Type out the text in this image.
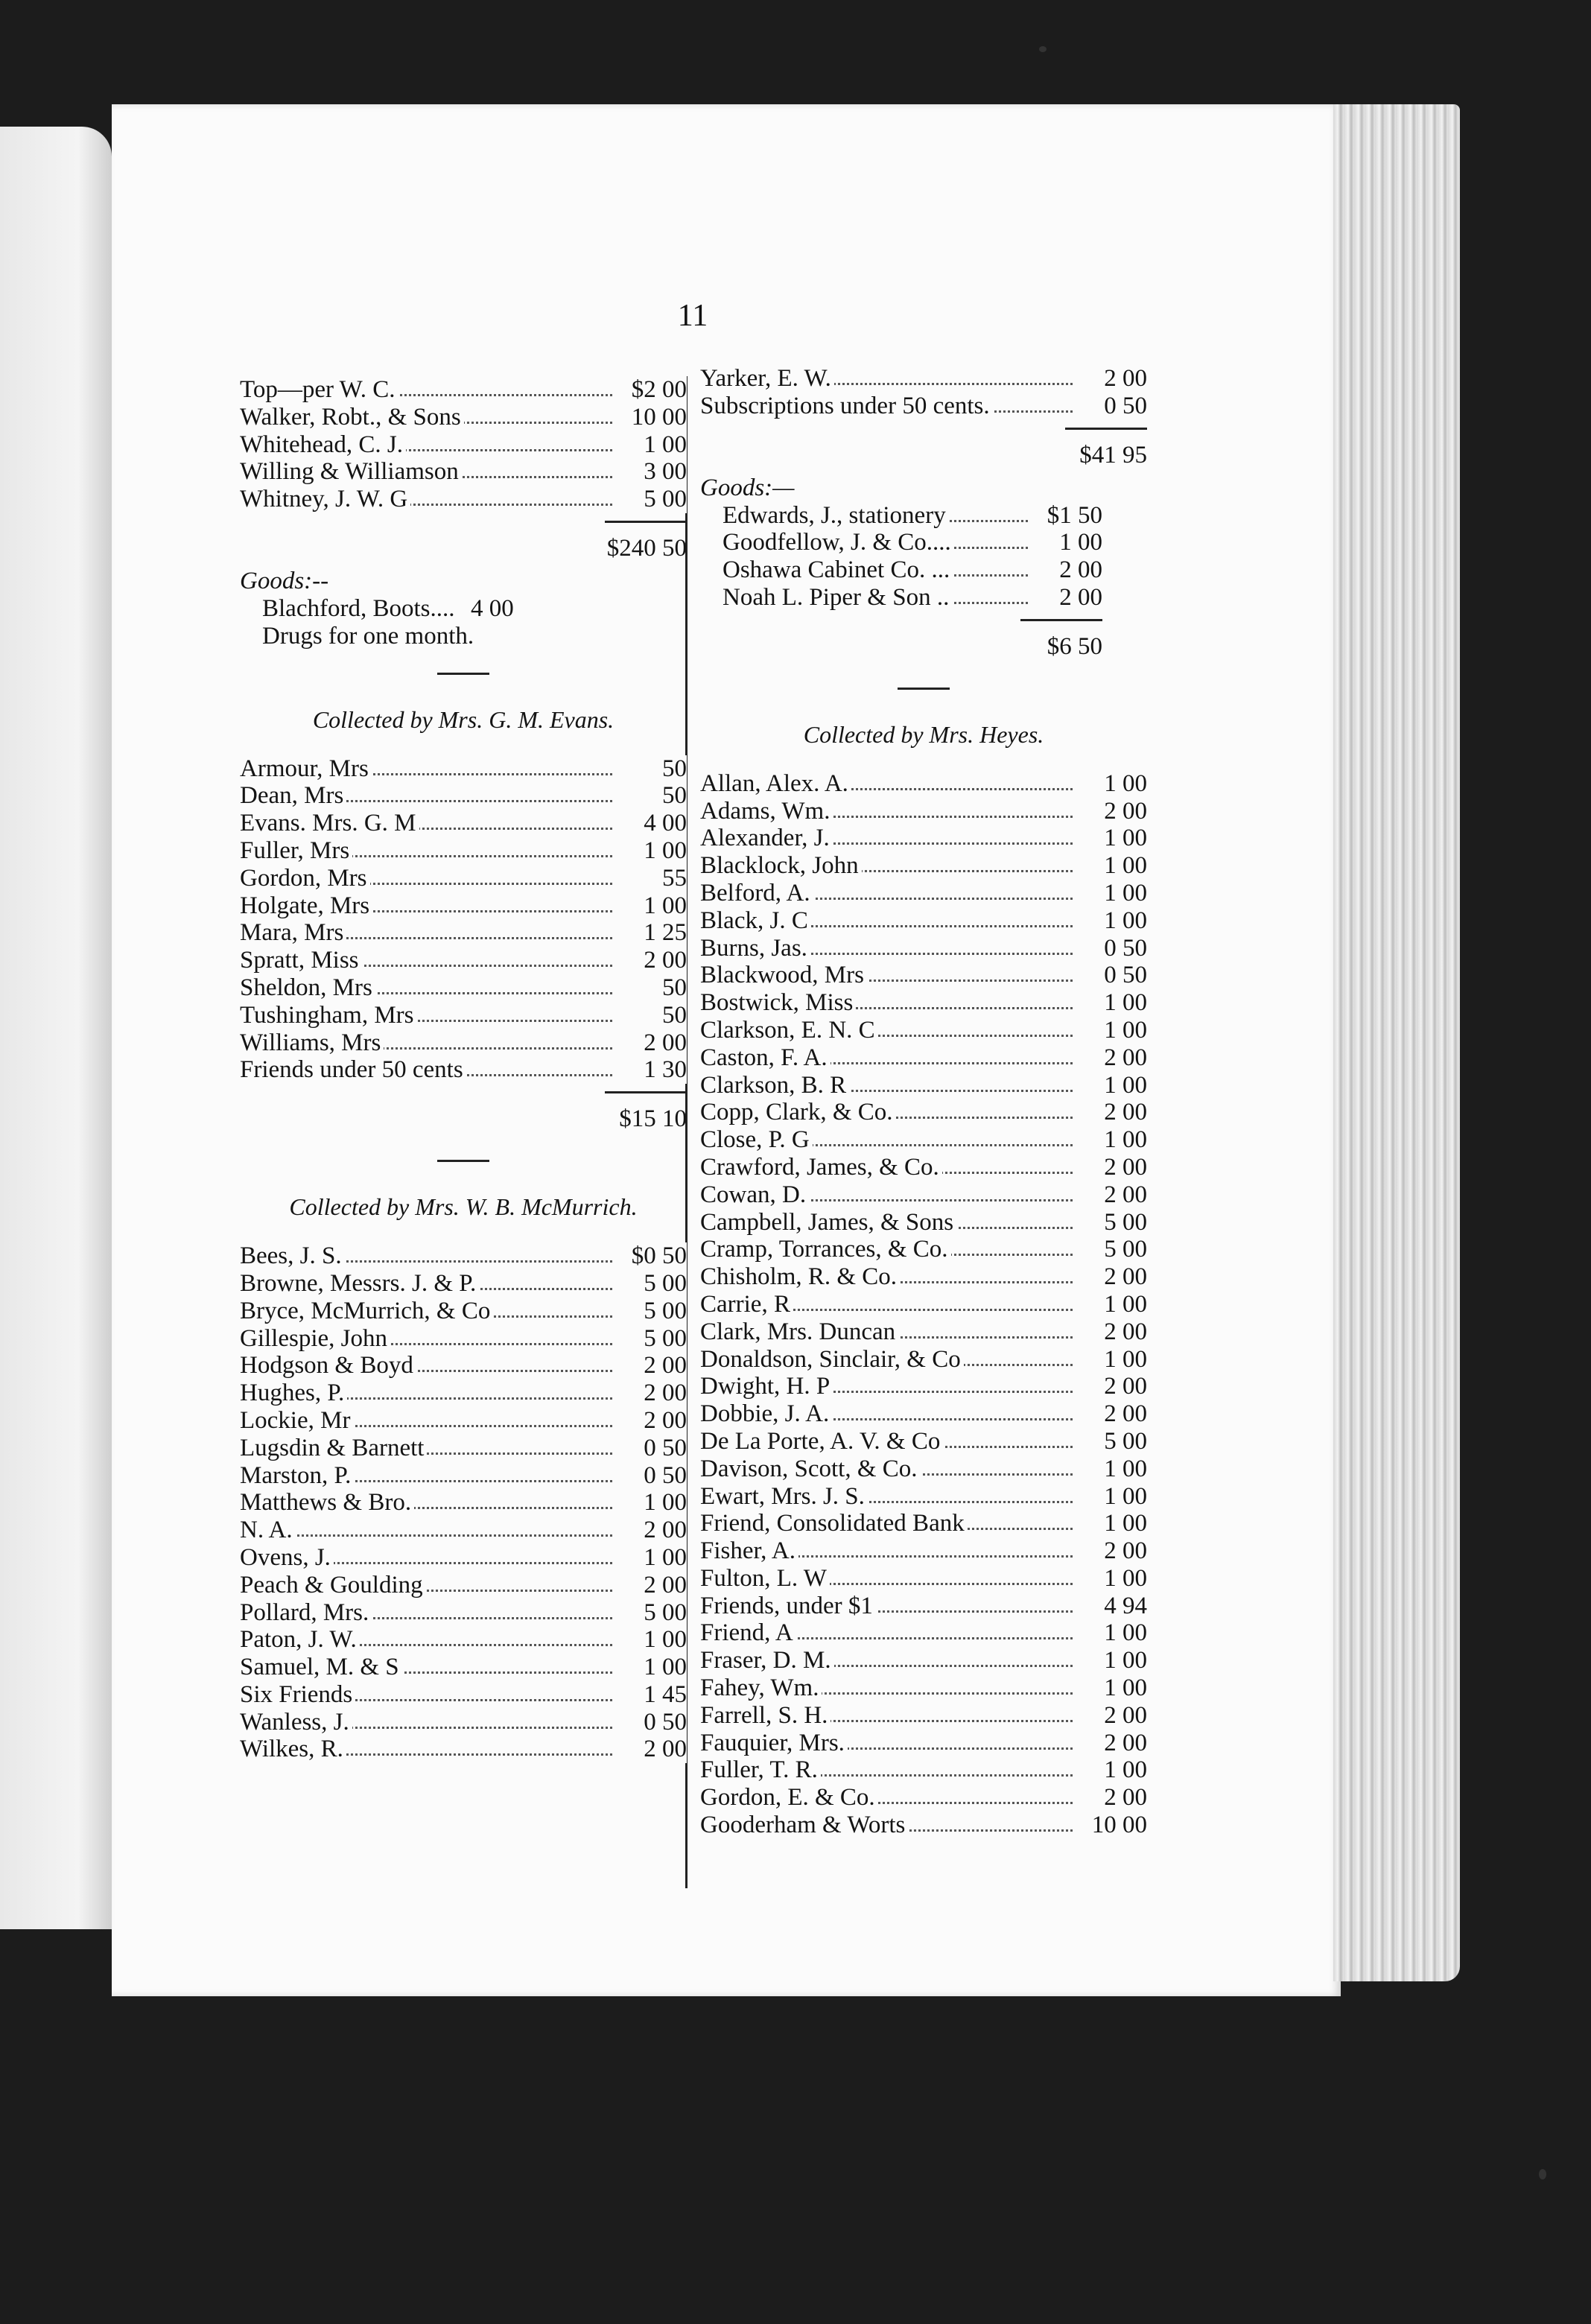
11
Top—per W. C.	$2 00
Walker, Robt., & Sons	10 00
Whitehead, C. J.	1 00
Willing & Williamson	3 00
Whitney, J. W. G	5 00
$240 50
Goods:--
Blachford, Boots.... 4 00
Drugs for one month.
Collected by Mrs. G. M. Evans.
Armour, Mrs	50
Dean, Mrs	50
Evans. Mrs. G. M	4 00
Fuller, Mrs	1 00
Gordon, Mrs	55
Holgate, Mrs	1 00
Mara, Mrs	1 25
Spratt, Miss	2 00
Sheldon, Mrs	50
Tushingham, Mrs	50
Williams, Mrs	2 00
Friends under 50 cents	1 30
$15 10
Collected by Mrs. W. B. McMurrich.
Bees, J. S.	$0 50
Browne, Messrs. J. & P.	5 00
Bryce, McMurrich, & Co	5 00
Gillespie, John	5 00
Hodgson & Boyd	2 00
Hughes, P.	2 00
Lockie, Mr	2 00
Lugsdin & Barnett	0 50
Marston, P.	0 50
Matthews & Bro.	1 00
N. A.	2 00
Ovens, J.	1 00
Peach & Goulding	2 00
Pollard, Mrs.	5 00
Paton, J. W.	1 00
Samuel, M. & S	1 00
Six Friends	1 45
Wanless, J.	0 50
Wilkes, R.	2 00
Yarker, E. W.	2 00
Subscriptions under 50 cents.	0 50
$41 95
Goods:—
Edwards, J., stationery	$1 50
Goodfellow, J. & Co....	1 00
Oshawa Cabinet Co. ...	2 00
Noah L. Piper & Son ..	2 00
$6 50
Collected by Mrs. Heyes.
Allan, Alex. A.	1 00
Adams, Wm.	2 00
Alexander, J.	1 00
Blacklock, John	1 00
Belford, A.	1 00
Black, J. C	1 00
Burns, Jas.	0 50
Blackwood, Mrs	0 50
Bostwick, Miss	1 00
Clarkson, E. N. C	1 00
Caston, F. A.	2 00
Clarkson, B. R	1 00
Copp, Clark, & Co.	2 00
Close, P. G	1 00
Crawford, James, & Co.	2 00
Cowan, D.	2 00
Campbell, James, & Sons	5 00
Cramp, Torrances, & Co.	5 00
Chisholm, R. & Co.	2 00
Carrie, R	1 00
Clark, Mrs. Duncan	2 00
Donaldson, Sinclair, & Co	1 00
Dwight, H. P	2 00
Dobbie, J. A.	2 00
De La Porte, A. V. & Co	5 00
Davison, Scott, & Co.	1 00
Ewart, Mrs. J. S.	1 00
Friend, Consolidated Bank	1 00
Fisher, A.	2 00
Fulton, L. W	1 00
Friends, under $1	4 94
Friend, A	1 00
Fraser, D. M.	1 00
Fahey, Wm.	1 00
Farrell, S. H.	2 00
Fauquier, Mrs.	2 00
Fuller, T. R.	1 00
Gordon, E. & Co.	2 00
Gooderham & Worts	10 00
